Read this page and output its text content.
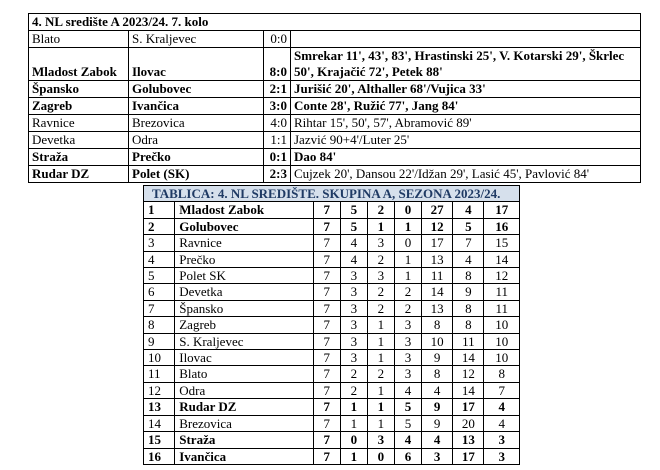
4. NL središte A 2023/24. 7. kolo			
Blato	S. Kraljevec	0:0	
Mladost Zabok	Ilovac	8:0	Smrekar 11', 43', 83', Hrastinski 25', V. Kotarski 29', Škrlec 50', Krajačić 72', Petek 88'
Špansko	Golubovec	2:1	Jurišić 20', Althaller 68'/Vujica 33'
Zagreb	Ivančica	3:0	Conte 28', Ružić 77', Jang 84'
Ravnice	Brezovica	4:0	Rihtar 15', 50', 57', Abramović 89'
Devetka	Odra	1:1	Jazvić 90+4'/Luter 25'
Straža	Prečko	0:1	Dao 84'
Rudar DZ	Polet (SK)	2:3	Cujzek 20', Dansou 22'/Idžan 29', Lasić 45', Pavlović 84'
TABLICA: 4. NL SREDIŠTE. SKUPINA A, SEZONA 2023/24.								
1	Mladost Zabok	7	5	2	0	27	4	17
2	Golubovec	7	5	1	1	12	5	16
3	Ravnice	7	4	3	0	17	7	15
4	Prečko	7	4	2	1	13	4	14
5	Polet SK	7	3	3	1	11	8	12
6	Devetka	7	3	2	2	14	9	11
7	Špansko	7	3	2	2	13	8	11
8	Zagreb	7	3	1	3	8	8	10
9	S. Kraljevec	7	3	1	3	10	11	10
10	Ilovac	7	3	1	3	9	14	10
11	Blato	7	2	2	3	8	12	8
12	Odra	7	2	1	4	4	14	7
13	Rudar DZ	7	1	1	5	9	17	4
14	Brezovica	7	1	1	5	9	20	4
15	Straža	7	0	3	4	4	13	3
16	Ivančica	7	1	0	6	3	17	3
